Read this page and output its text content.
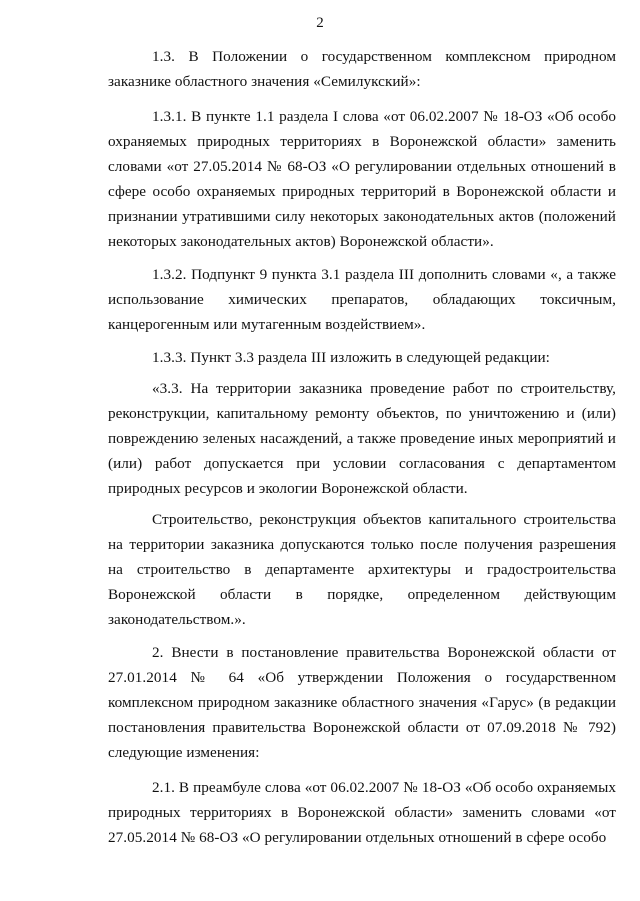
2

1.3. В Положении о государственном комплексном природном заказнике областного значения «Семилукский»:

1.3.1. В пункте 1.1 раздела I слова «от 06.02.2007 № 18-ОЗ «Об особо охраняемых природных территориях в Воронежской области» заменить словами «от 27.05.2014 № 68-ОЗ «О регулировании отдельных отношений в сфере особо охраняемых природных территорий в Воронежской области и признании утратившими силу некоторых законодательных актов (положений некоторых законодательных актов) Воронежской области».

1.3.2. Подпункт 9 пункта 3.1 раздела III дополнить словами «, а также использование химических препаратов, обладающих токсичным, канцерогенным или мутагенным воздействием».

1.3.3. Пункт 3.3 раздела III изложить в следующей редакции:

«3.3. На территории заказника проведение работ по строительству, реконструкции, капитальному ремонту объектов, по уничтожению и (или) повреждению зеленых насаждений, а также проведение иных мероприятий и (или) работ допускается при условии согласования с департаментом природных ресурсов и экологии Воронежской области.

Строительство, реконструкция объектов капитального строительства на территории заказника допускаются только после получения разрешения на строительство в департаменте архитектуры и градостроительства Воронежской области в порядке, определенном действующим законодательством.».

2. Внести в постановление правительства Воронежской области от 27.01.2014 № 64 «Об утверждении Положения о государственном комплексном природном заказнике областного значения «Гарус» (в редакции постановления правительства Воронежской области от 07.09.2018 № 792) следующие изменения:

2.1. В преамбуле слова «от 06.02.2007 № 18-ОЗ «Об особо охраняемых природных территориях в Воронежской области» заменить словами «от 27.05.2014 № 68-ОЗ «О регулировании отдельных отношений в сфере особо
